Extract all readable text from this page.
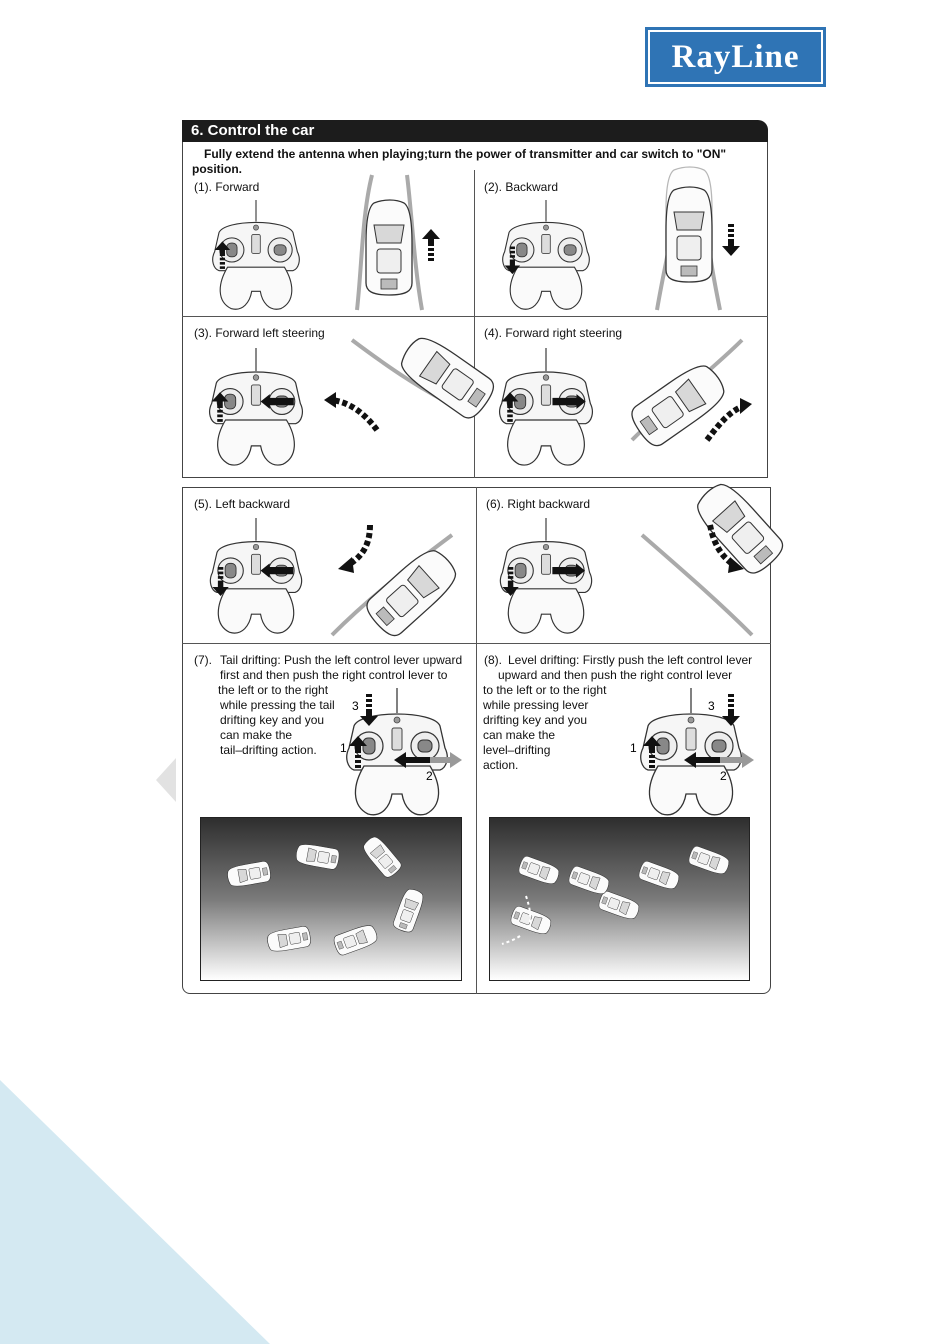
RayLine
6. Control the car
Fully extend the antenna when playing;turn the power of transmitter and car switch to "ON" position.
(1). Forward	(2). Backward
(3). Forward left steering	(4). Forward right steering
(5). Left backward	(6). Right backward
(7). Tail drifting: Push the left control lever upward
first and then push the right control lever to
the left or to the right
while pressing the tail
drifting key and you
can make the
tail–drifting action.
3
1
2
(8). Level drifting: Firstly push the left control lever
upward and then push the right control lever
to the left or to the right
while pressing lever
drifting key and you
can make the
level–drifting
action.
3
1
2
